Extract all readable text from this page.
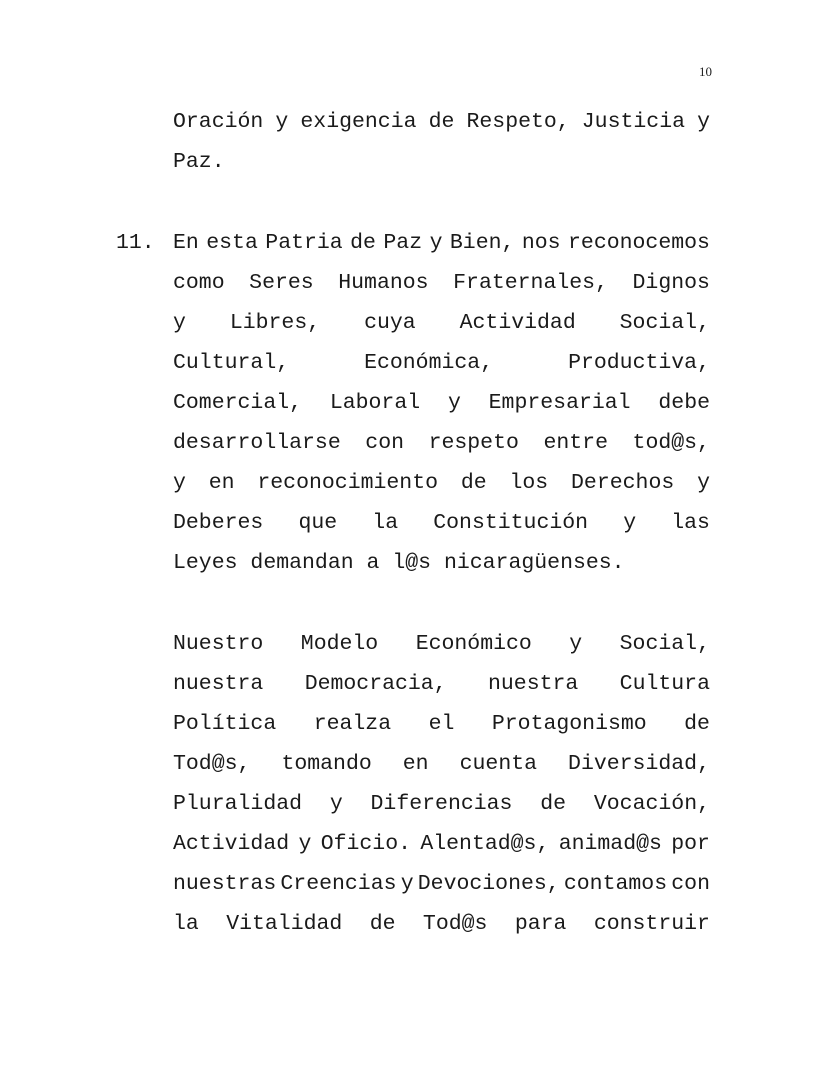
10
Oración y exigencia de Respeto, Justicia y
Paz.
11. En esta Patria de Paz y Bien, nos reconocemos
como Seres Humanos Fraternales, Dignos
y Libres, cuya Actividad Social,
Cultural,	Económica,	Productiva,
Comercial, Laboral y Empresarial debe
desarrollarse con respeto entre tod@s,
y en reconocimiento de los Derechos y
Deberes que la Constitución y las
Leyes demandan a l@s nicaragüenses.
Nuestro Modelo Económico y Social,
nuestra Democracia, nuestra Cultura
Política realza el Protagonismo de
Tod@s, tomando en cuenta Diversidad,
Pluralidad y Diferencias de Vocación,
Actividad y Oficio. Alentad@s, animad@s por
nuestras Creencias y Devociones, contamos con
la Vitalidad de Tod@s para construir
